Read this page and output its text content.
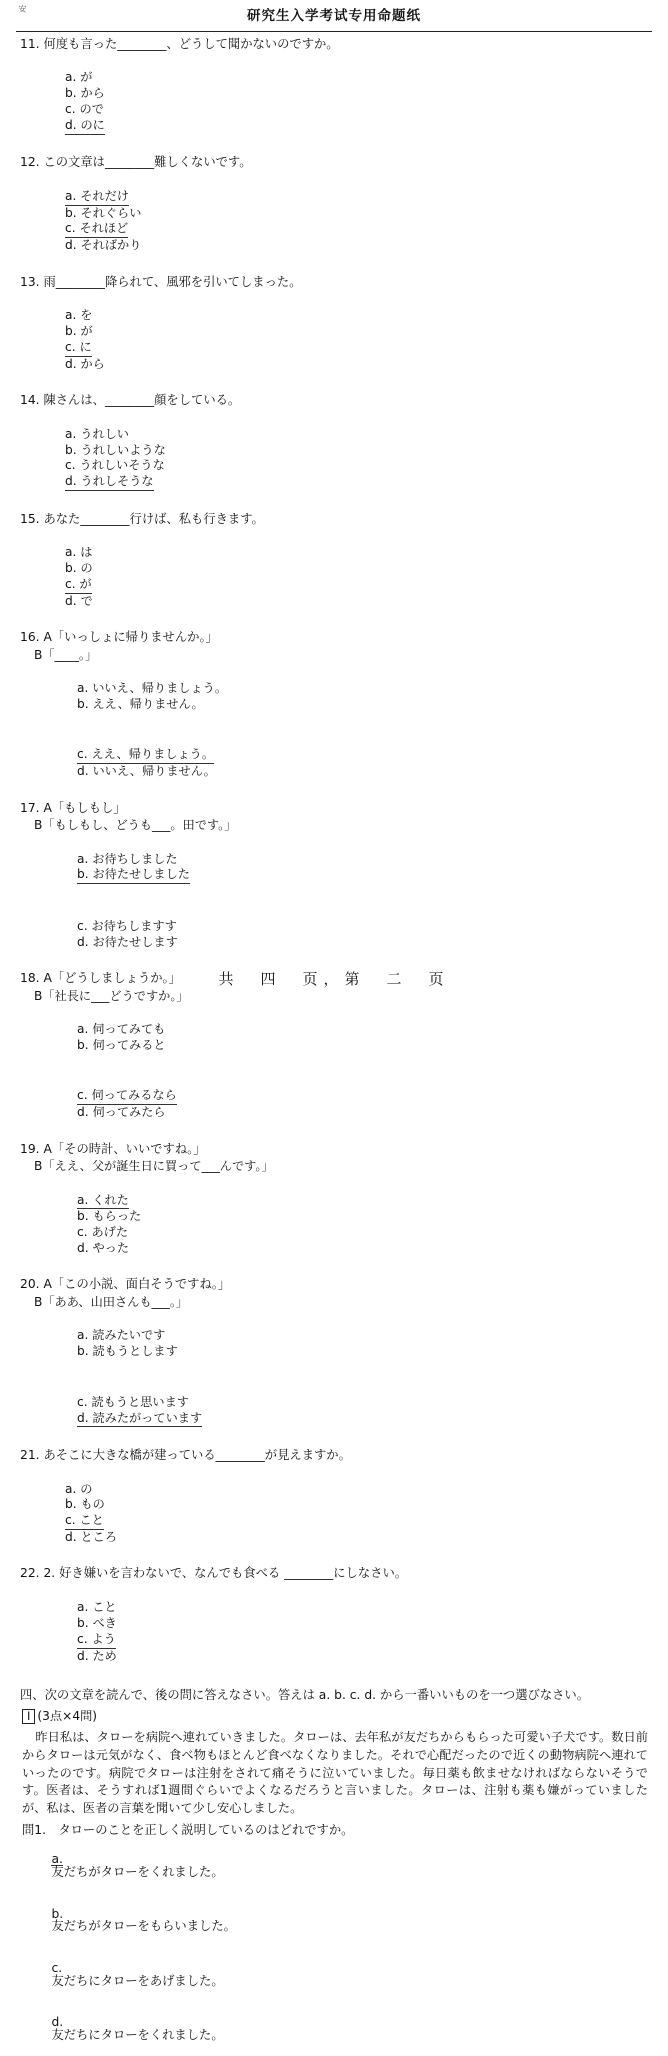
安	研究生入学考试专用命题纸
11. 何度も言った________、どうして聞かないのですか。

a. が
b. から
c. ので
d. のに

12. この文章は________難しくないです。

a. それだけ
b. それぐらい
c. それほど
d. そればかり

13. 雨________降られて、風邪を引いてしまった。

a. を
b. が
c. に
d. から

14. 陳さんは、________顔をしている。

a. うれしい
b. うれしいような
c. うれしいそうな
d. うれしそうな

15. あなた________行けば、私も行きます。

a. は
b. の
c. が
d. で

16. A「いっしょに帰りませんか。」
B「____。」

a. いいえ、帰りましょう。
b. ええ、帰りません。

c. ええ、帰りましょう。
d. いいえ、帰りません。

17. A「もしもし」
B「もしもし、どうも___。田です。」

a. お待ちしました
b. お待たせしました

c. お待ちしますす
d. お待たせします

18. A「どうしましょうか。」
B「社長に___どうですか。」

a. 伺ってみても
b. 伺ってみると

c. 伺ってみるなら
d. 伺ってみたら

19. A「その時計、いいですね。」
B「ええ、父が誕生日に買って___んです。」

a. くれた
b. もらった
c. あげた
d. やった

20. A「この小説、面白そうですね。」
B「ああ、山田さんも___。」

a. 読みたいです
b. 読もうとします

c. 読もうと思います
d. 読みたがっています

21. あそこに大きな橋が建っている________が見えますか。

a. の
b. もの
c. こと
d. ところ

22. 2. 好き嫌いを言わないで、なんでも食べる ________にしなさい。

a. こと
b. べき
c. よう
d. ため

四、次の文章を読んで、後の問に答えなさい。答えは a. b. c. d. から一番いいものを一つ選びなさい。
Ⅰ (3点×4問)
昨日私は、タローを病院へ連れていきました。タローは、去年私が友だちからもらった可愛い子犬です。数日前からタローは元気がなく、食べ物もほとんど食べなくなりました。それで心配だったので近くの動物病院へ連れていったのです。病院でタローは注射をされて痛そうに泣いていました。毎日薬も飲ませなければならないそうです。医者は、そうすれば1週間ぐらいでよくなるだろうと言いました。タローは、注射も薬も嫌がっていましたが、私は、医者の言葉を聞いて少し安心しました。
問1.　タローのことを正しく説明しているのはどれですか。

a.
友だちがタローをくれました。

b.
友だちがタローをもらいました。

c.
友だちにタローをあげました。

d.
友だちにタローをくれました。

共　四　页，第　二　页
